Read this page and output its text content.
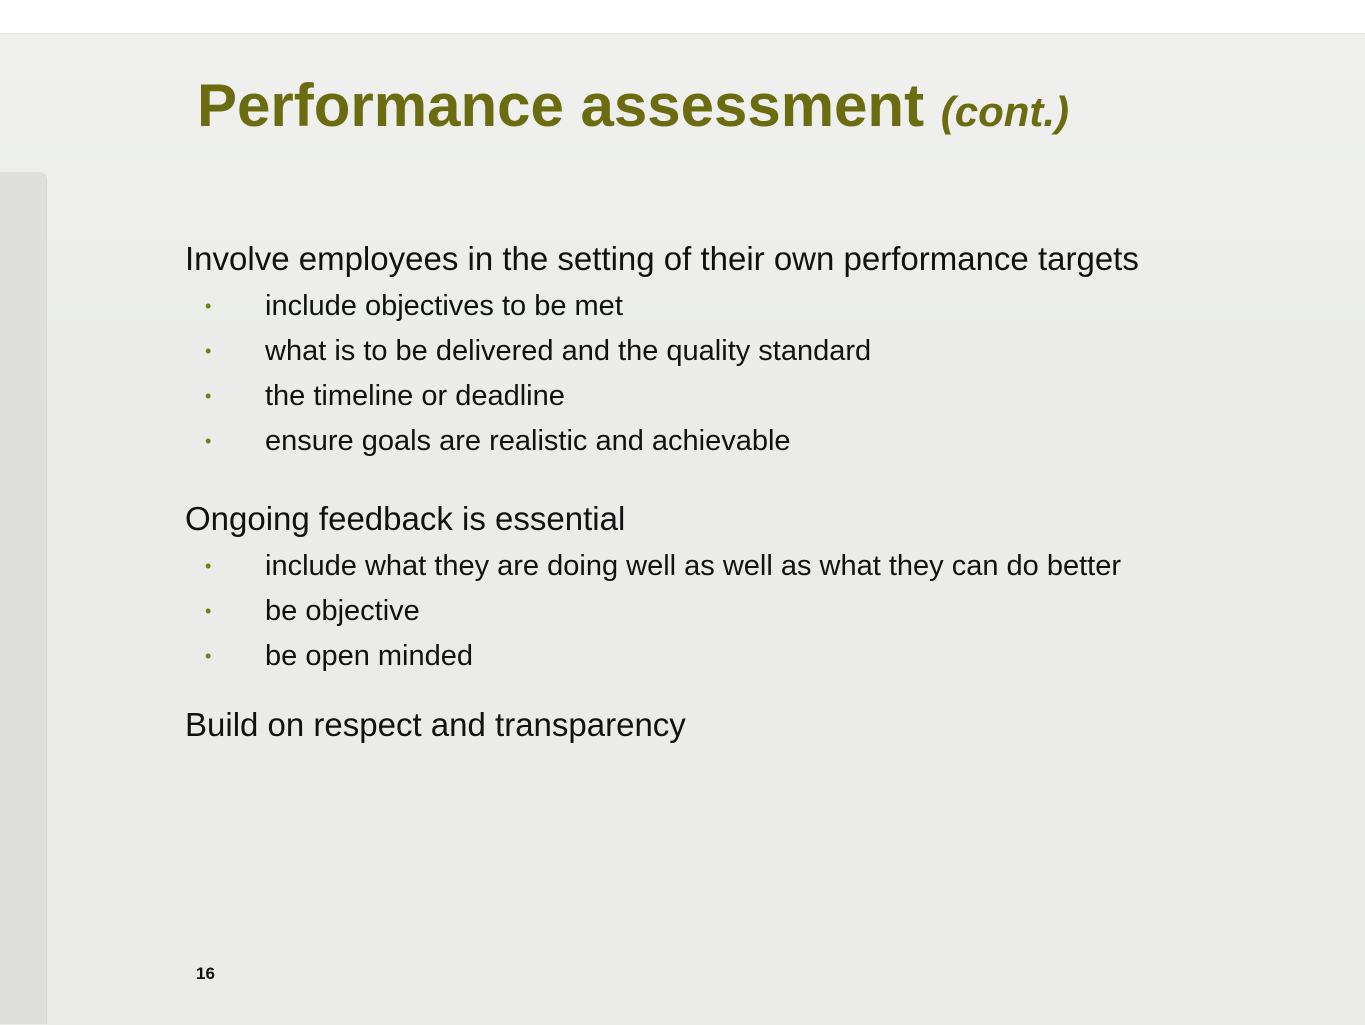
Performance assessment (cont.)
Involve employees in the setting of their own performance targets
•	include objectives to be met
•	what is to be delivered and the quality standard
•	the timeline or deadline
•	ensure goals are realistic and achievable
Ongoing feedback is essential
•	include what they are doing well as well as what they can do better
•	be objective
•	be open minded
Build on respect and transparency
16
